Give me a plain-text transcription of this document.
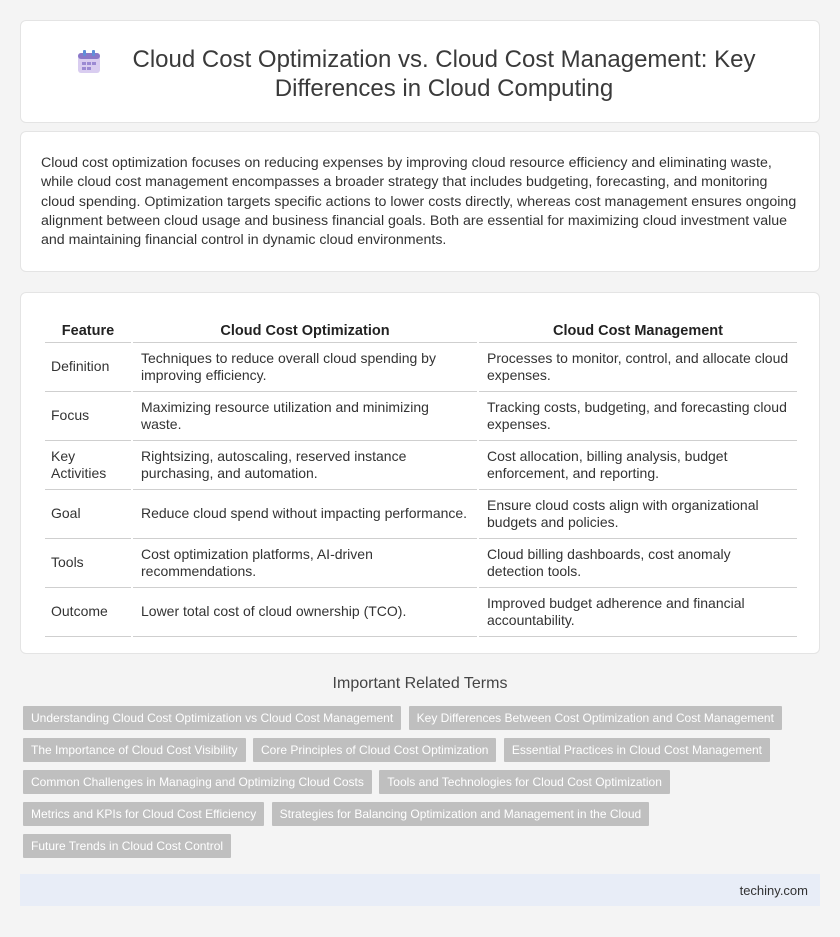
Cloud Cost Optimization vs. Cloud Cost Management: Key Differences in Cloud Computing

Cloud cost optimization focuses on reducing expenses by improving cloud resource efficiency and eliminating waste, while cloud cost management encompasses a broader strategy that includes budgeting, forecasting, and monitoring cloud spending. Optimization targets specific actions to lower costs directly, whereas cost management ensures ongoing alignment between cloud usage and business financial goals. Both are essential for maximizing cloud investment value and maintaining financial control in dynamic cloud environments.

Feature	Cloud Cost Optimization	Cloud Cost Management
Definition	Techniques to reduce overall cloud spending by improving efficiency.	Processes to monitor, control, and allocate cloud expenses.
Focus	Maximizing resource utilization and minimizing waste.	Tracking costs, budgeting, and forecasting cloud expenses.
Key Activities	Rightsizing, autoscaling, reserved instance purchasing, and automation.	Cost allocation, billing analysis, budget enforcement, and reporting.
Goal	Reduce cloud spend without impacting performance.	Ensure cloud costs align with organizational budgets and policies.
Tools	Cost optimization platforms, AI-driven recommendations.	Cloud billing dashboards, cost anomaly detection tools.
Outcome	Lower total cost of cloud ownership (TCO).	Improved budget adherence and financial accountability.
Important Related Terms
Understanding Cloud Cost Optimization vs Cloud Cost Management Key Differences Between Cost Optimization and Cost Management The Importance of Cloud Cost Visibility Core Principles of Cloud Cost Optimization Essential Practices in Cloud Cost Management Common Challenges in Managing and Optimizing Cloud Costs Tools and Technologies for Cloud Cost Optimization Metrics and KPIs for Cloud Cost Efficiency Strategies for Balancing Optimization and Management in the Cloud Future Trends in Cloud Cost Control
techiny.com
